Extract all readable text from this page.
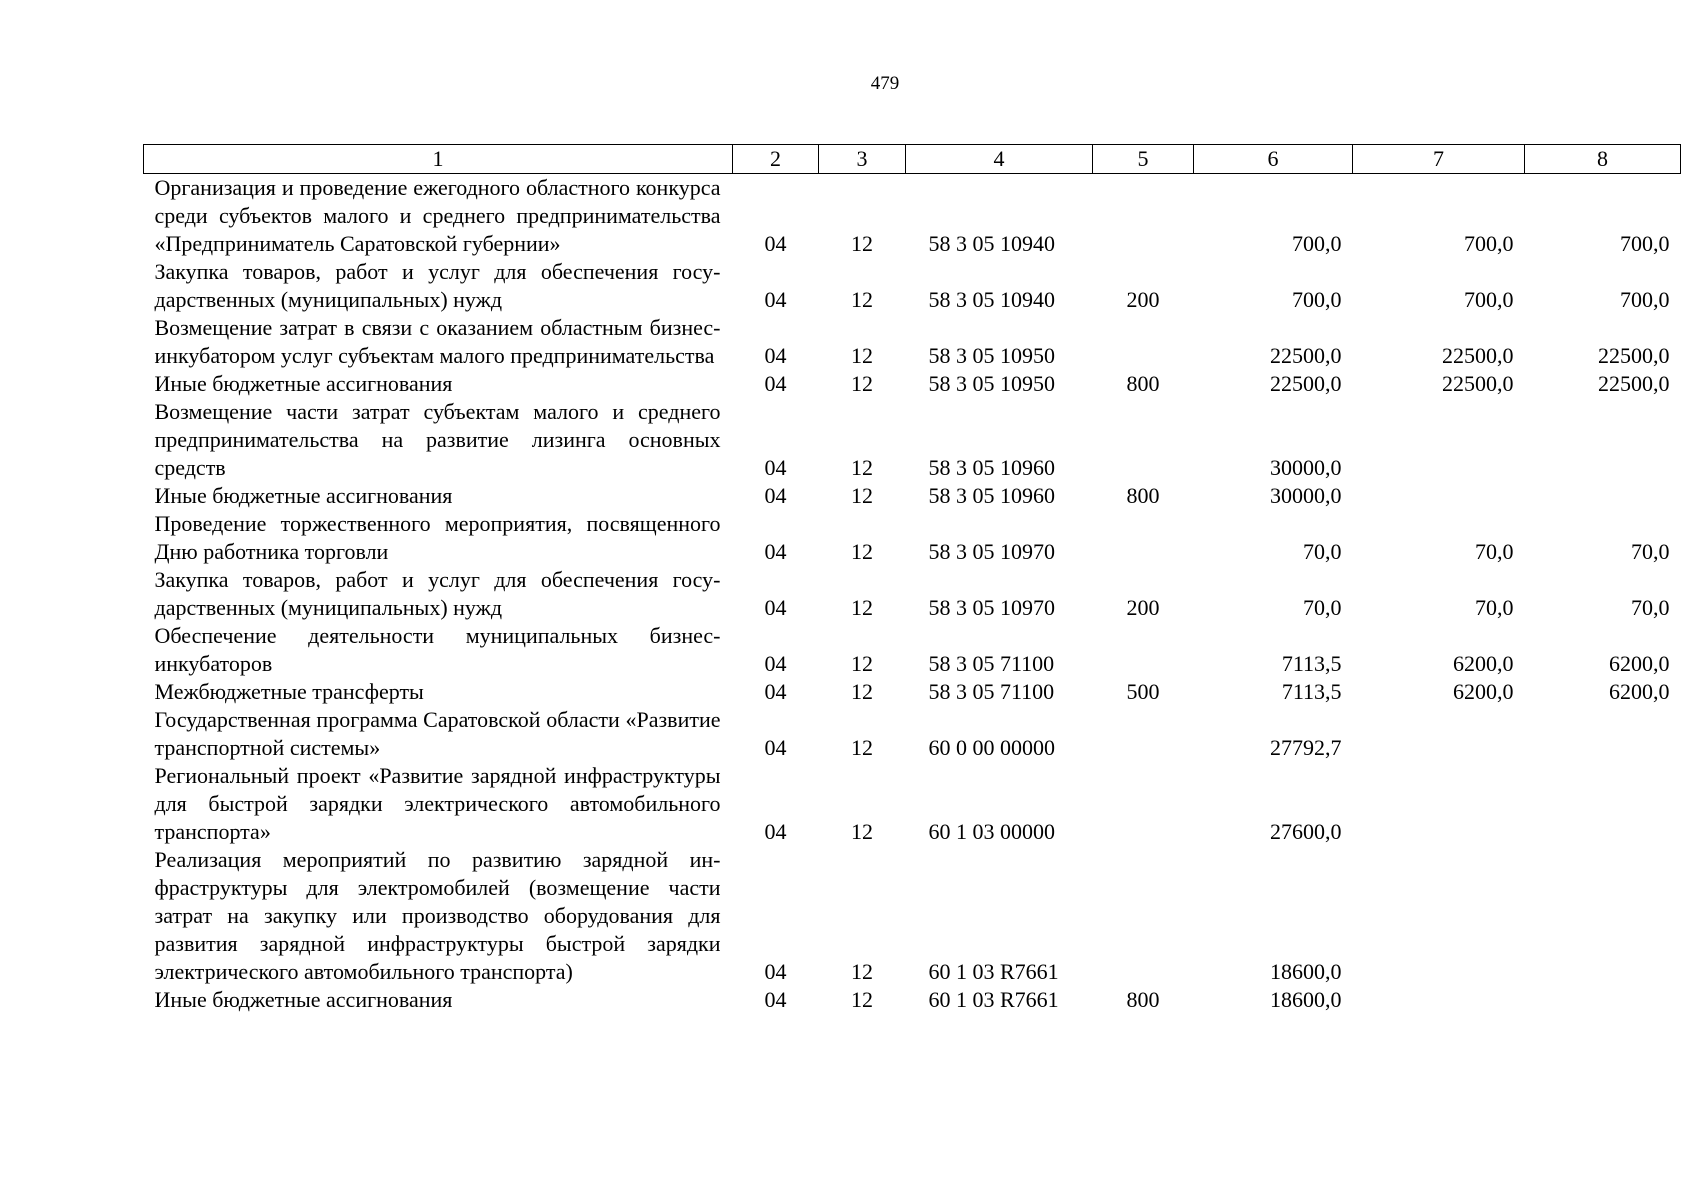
479
1	2	3	4	5	6	7	8
Организация и проведение ежегодного областного конкурса среди субъектов малого и среднего предпринимательства «Предприниматель Саратовской губернии»	04	12	58 3 05 10940		700,0	700,0	700,0
Закупка товаров, работ и услуг для обеспечения государственных (муниципальных) нужд	04	12	58 3 05 10940	200	700,0	700,0	700,0
Возмещение затрат в связи с оказанием областным бизнес-инкубатором услуг субъектам малого предпринимательства	04	12	58 3 05 10950		22500,0	22500,0	22500,0
Иные бюджетные ассигнования	04	12	58 3 05 10950	800	22500,0	22500,0	22500,0
Возмещение части затрат субъектам малого и среднего предпринимательства на развитие лизинга основных средств	04	12	58 3 05 10960		30000,0		
Иные бюджетные ассигнования	04	12	58 3 05 10960	800	30000,0		
Проведение торжественного мероприятия, посвященного Дню работника торговли	04	12	58 3 05 10970		70,0	70,0	70,0
Закупка товаров, работ и услуг для обеспечения государственных (муниципальных) нужд	04	12	58 3 05 10970	200	70,0	70,0	70,0
Обеспечение деятельности муниципальных бизнес-инкубаторов	04	12	58 3 05 71100		7113,5	6200,0	6200,0
Межбюджетные трансферты	04	12	58 3 05 71100	500	7113,5	6200,0	6200,0
Государственная программа Саратовской области «Развитие транспортной системы»	04	12	60 0 00 00000		27792,7		
Региональный проект «Развитие зарядной инфраструктуры для быстрой зарядки электрического автомобильного транспорта»	04	12	60 1 03 00000		27600,0		
Реализация мероприятий по развитию зарядной инфраструктуры для электромобилей (возмещение части затрат на закупку или производство оборудования для развития зарядной инфраструктуры быстрой зарядки электрического автомобильного транспорта)	04	12	60 1 03 R7661		18600,0		
Иные бюджетные ассигнования	04	12	60 1 03 R7661	800	18600,0		
